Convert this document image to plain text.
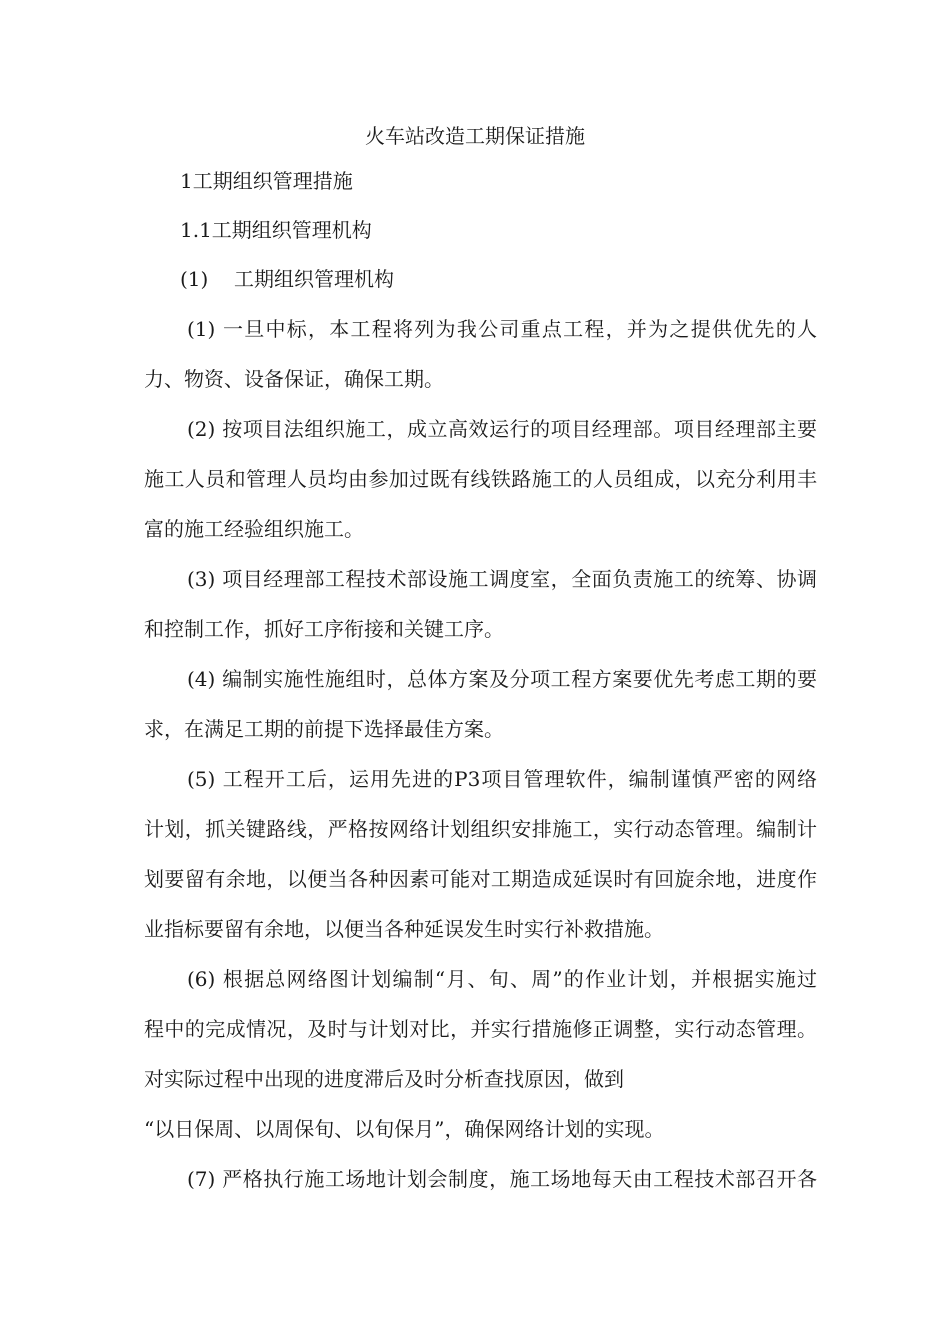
火车站改造工期保证措施
1工期组织管理措施
1.1工期组织管理机构
(1) 工期组织管理机构
(1) 一旦中标，本工程将列为我公司重点工程，并为之提供优先的人
力、物资、设备保证，确保工期。
(2) 按项目法组织施工，成立高效运行的项目经理部。项目经理部主要
施工人员和管理人员均由参加过既有线铁路施工的人员组成，以充分利用丰
富的施工经验组织施工。
(3) 项目经理部工程技术部设施工调度室，全面负责施工的统筹、协调
和控制工作，抓好工序衔接和关键工序。
(4) 编制实施性施组时，总体方案及分项工程方案要优先考虑工期的要
求，在满足工期的前提下选择最佳方案。
(5) 工程开工后，运用先进的P3项目管理软件，编制谨慎严密的网络
计划，抓关键路线，严格按网络计划组织安排施工，实行动态管理。编制计
划要留有余地，以便当各种因素可能对工期造成延误时有回旋余地，进度作
业指标要留有余地，以便当各种延误发生时实行补救措施。
(6) 根据总网络图计划编制“月、旬、周”的作业计划，并根据实施过
程中的完成情况，及时与计划对比，并实行措施修正调整，实行动态管理。
对实际过程中出现的进度滞后及时分析查找原因，做到
“以日保周、以周保旬、以旬保月”，确保网络计划的实现。
(7) 严格执行施工场地计划会制度，施工场地每天由工程技术部召开各
